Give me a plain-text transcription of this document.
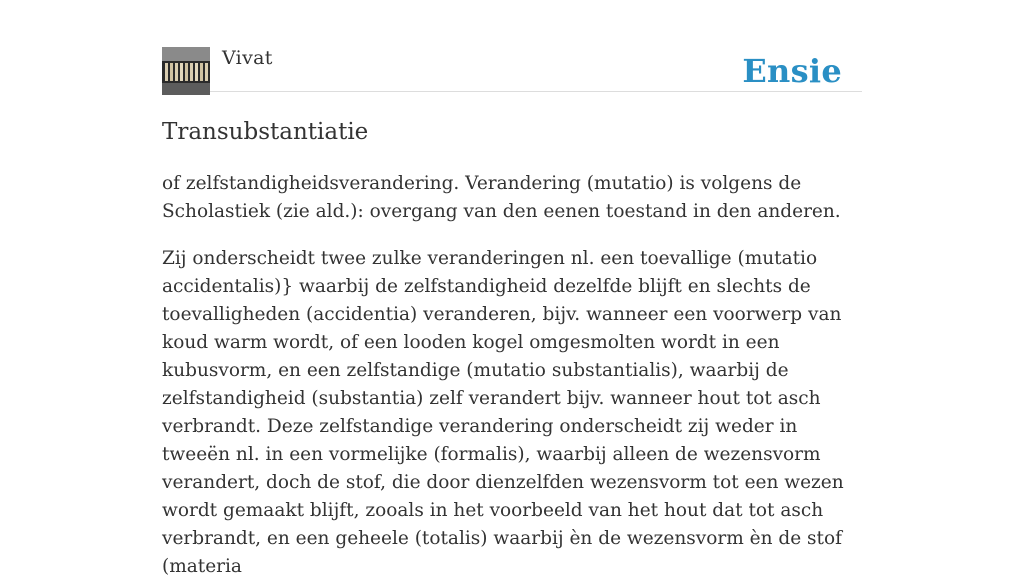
Vivat	Ensie
Transubstantiatie

of zelfstandigheidsverandering. Verandering (mutatio) is volgens de Scholastiek (zie ald.): overgang van den eenen toestand in den anderen.

Zij onderscheidt twee zulke veranderingen nl. een toevallige (mutatio accidentalis)} waarbij de zelfstandigheid dezelfde blijft en slechts de toevalligheden (accidentia) veranderen, bijv. wanneer een voorwerp van koud warm wordt, of een looden kogel omgesmolten wordt in een kubusvorm, en een zelfstandige (mutatio substantialis), waarbij de zelfstandigheid (substantia) zelf verandert bijv. wanneer hout tot asch verbrandt. Deze zelfstandige verandering onderscheidt zij weder in tweeën nl. in een vormelijke (formalis), waarbij alleen de wezensvorm verandert, doch de stof, die door dienzelfden wezensvorm tot een wezen wordt gemaakt blijft, zooals in het voorbeeld van het hout dat tot asch verbrandt, en een geheele (totalis) waarbij èn de wezensvorm èn de stof (materia
